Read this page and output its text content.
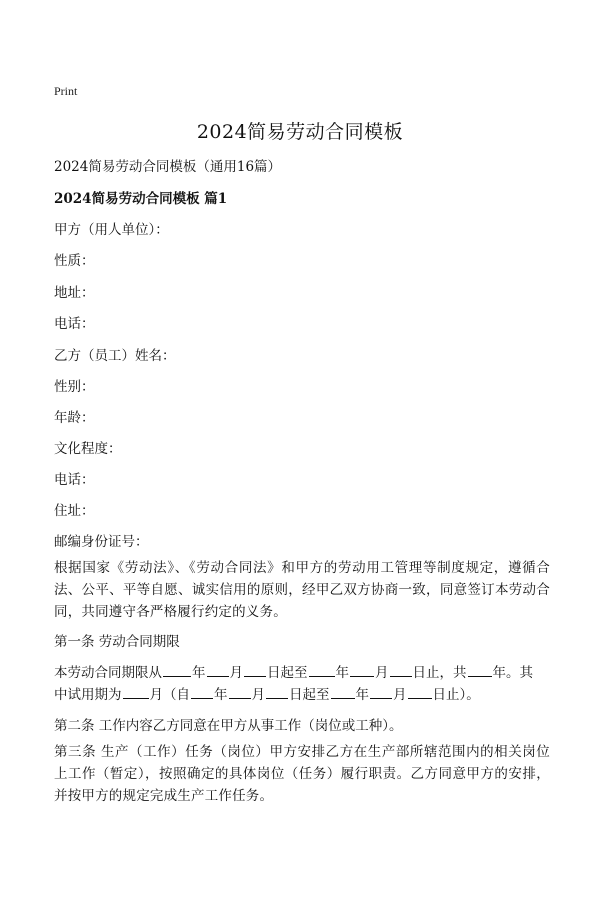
Print
2024简易劳动合同模板

2024简易劳动合同模板（通用16篇）

2024简易劳动合同模板 篇1

甲方（用人单位）：

性质：

地址：

电话：

乙方（员工）姓名：

性别：

年龄：

文化程度：

电话：

住址：

邮编身份证号：

根据国家《劳动法》、《劳动合同法》和甲方的劳动用工管理等制度规定，遵循合法、公平、平等自愿、诚实信用的原则，经甲乙双方协商一致，同意签订本劳动合同，共同遵守各严格履行约定的义务。

第一条 劳动合同期限

本劳动合同期限从 年 月 日起至 年 月 日止，共 年。其

中试用期为 月（自 年 月 日起至 年 月 日止）。

第二条 工作内容乙方同意在甲方从事工作（岗位或工种）。

第三条 生产（工作）任务（岗位）甲方安排乙方在生产部所辖范围内的相关岗位上工作（暂定），按照确定的具体岗位（任务）履行职责。乙方同意甲方的安排，并按甲方的规定完成生产工作任务。
